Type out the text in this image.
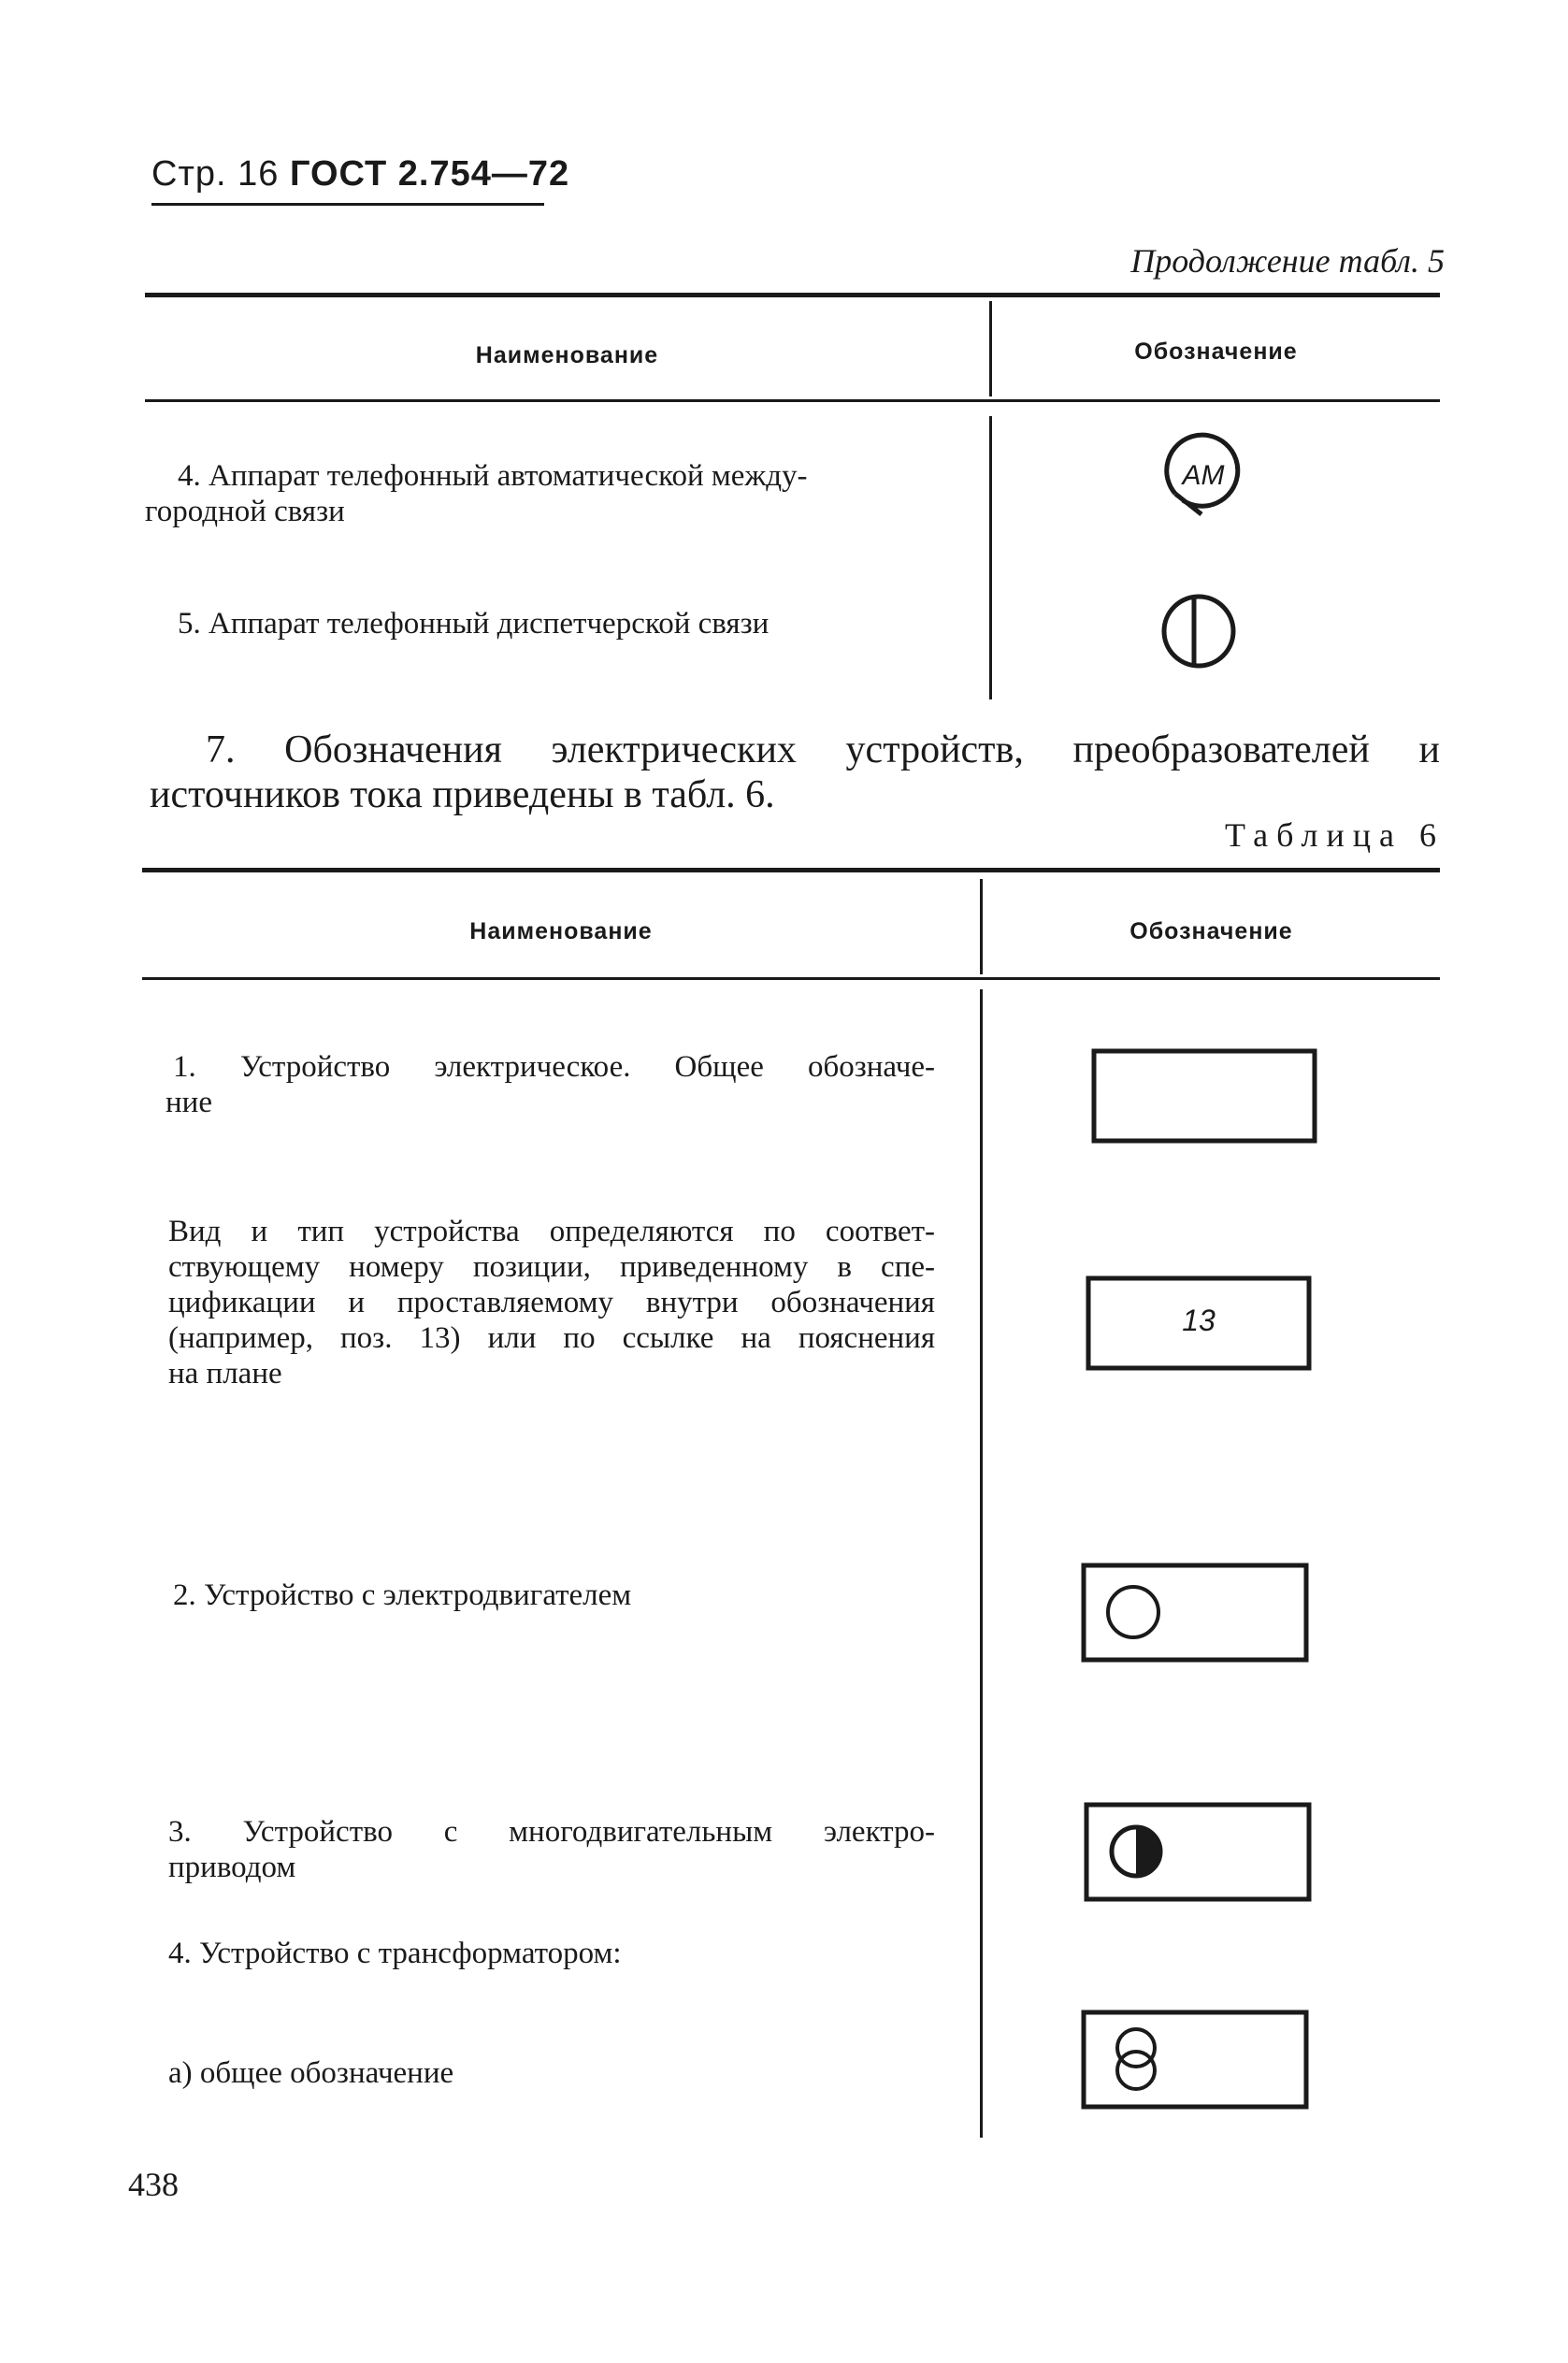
Стр. 16 ГОСТ 2.754—72
Продолжение табл. 5
Наименование	Обозначение
4. Аппарат телефонный автоматической между-
городной связи
АМ
5. Аппарат телефонный диспетчерской связи
7. Обозначения электрических устройств, преобразователей и
источников тока приведены в табл. 6.
Таблица 6
Наименование	Обозначение
1. Устройство электрическое. Общее обозначе-
ние
Вид и тип устройства определяются по соответ-
ствующему номеру позиции, приведенному в спе-
цификации и проставляемому внутри обозначения
(например, поз. 13) или по ссылке на пояснения
на плане
13
2. Устройство с электродвигателем
3. Устройство с многодвигательным электро-
приводом
4. Устройство с трансформатором:
а) общее обозначение
438
